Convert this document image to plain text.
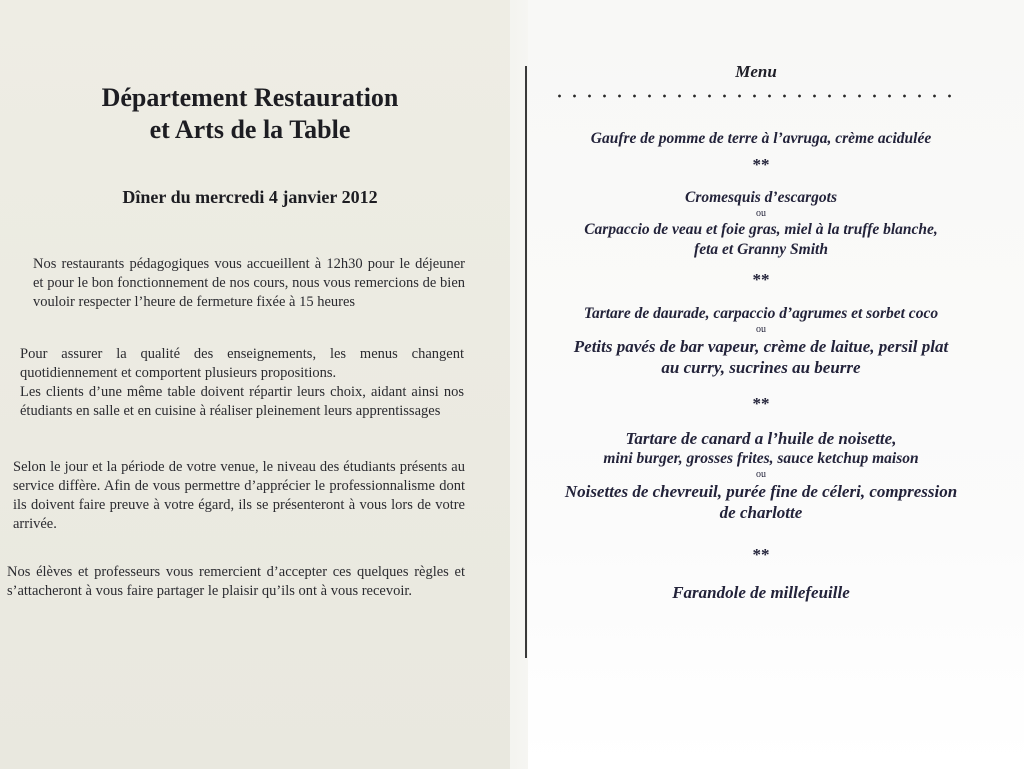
Département Restauration
et Arts de la Table
Dîner du mercredi 4 janvier 2012
Nos restaurants pédagogiques vous accueillent à 12h30 pour le déjeuner et pour le bon fonctionnement de nos cours, nous vous remercions de bien vouloir respecter l’heure de fermeture fixée à 15 heures
Pour assurer la qualité des enseignements, les menus changent quotidiennement et comportent plusieurs propositions.
Les clients d’une même table doivent répartir leurs choix, aidant ainsi nos étudiants en salle et en cuisine à réaliser pleinement leurs apprentissages
Selon le jour et la période de votre venue, le niveau des étudiants présents au service diffère. Afin de vous permettre d’apprécier le professionnalisme dont ils doivent faire preuve à votre égard, ils se présenteront à vous lors de votre arrivée.
Nos élèves et professeurs vous remercient d’accepter ces quelques règles et s’attacheront à vous faire partager le plaisir qu’ils ont à vous recevoir.
Menu
Gaufre de pomme de terre à l’avruga, crème acidulée
**
Cromesquis d’escargots
ou
Carpaccio de veau et foie gras, miel à la truffe blanche,
feta et Granny Smith
**
Tartare de daurade, carpaccio d’agrumes et sorbet coco
ou
Petits pavés de bar vapeur, crème de laitue, persil plat
au curry, sucrines au beurre
**
Tartare de canard a l’huile de noisette,
mini burger, grosses frites, sauce ketchup maison
ou
Noisettes de chevreuil, purée fine de céleri, compression
de charlotte
**
Farandole de millefeuille
